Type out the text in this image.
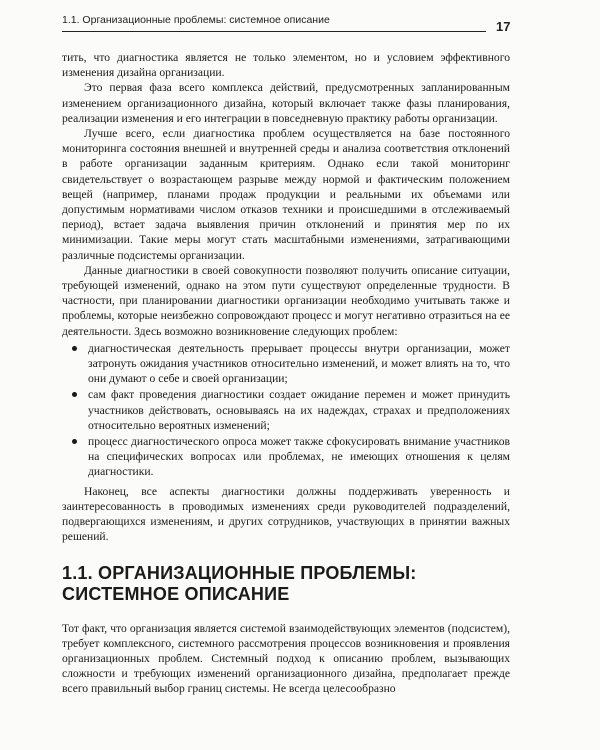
1.1. Организационные проблемы: системное описание	17

тить, что диагностика является не только элементом, но и условием эффективного изменения дизайна организации.

Это первая фаза всего комплекса действий, предусмотренных запланированным изменением организационного дизайна, который включает также фазы планирования, реализации изменения и его интеграции в повседневную практику работы организации.

Лучше всего, если диагностика проблем осуществляется на базе постоянного мониторинга состояния внешней и внутренней среды и анализа соответствия отклонений в работе организации заданным критериям. Однако если такой мониторинг свидетельствует о возрастающем разрыве между нормой и фактическим положением вещей (например, планами продаж продукции и реальными их объемами или допустимым нормативами числом отказов техники и происшедшими в отслеживаемый период), встает задача выявления причин отклонений и принятия мер по их минимизации. Такие меры могут стать масштабными изменениями, затрагивающими различные подсистемы организации.

Данные диагностики в своей совокупности позволяют получить описание ситуации, требующей изменений, однако на этом пути существуют определенные трудности. В частности, при планировании диагностики организации необходимо учитывать также и проблемы, которые неизбежно сопровождают процесс и могут негативно отразиться на ее деятельности. Здесь возможно возникновение следующих проблем:

диагностическая деятельность прерывает процессы внутри организации, может затронуть ожидания участников относительно изменений, и может влиять на то, что они думают о себе и своей организации;
сам факт проведения диагностики создает ожидание перемен и может принудить участников действовать, основываясь на их надеждах, страхах и предположениях относительно вероятных изменений;
процесс диагностического опроса может также сфокусировать внимание участников на специфических вопросах или проблемах, не имеющих отношения к целям диагностики.

Наконец, все аспекты диагностики должны поддерживать уверенность и заинтересованность в проводимых изменениях среди руководителей подразделений, подвергающихся изменениям, и других сотрудников, участвующих в принятии важных решений.

1.1. ОРГАНИЗАЦИОННЫЕ ПРОБЛЕМЫ:
СИСТЕМНОЕ ОПИСАНИЕ

Тот факт, что организация является системой взаимодействующих элементов (подсистем), требует комплексного, системного рассмотрения процессов возникновения и проявления организационных проблем. Системный подход к описанию проблем, вызывающих сложности и требующих изменений организационного дизайна, предполагает прежде всего правильный выбор границ системы. Не всегда целесообразно
